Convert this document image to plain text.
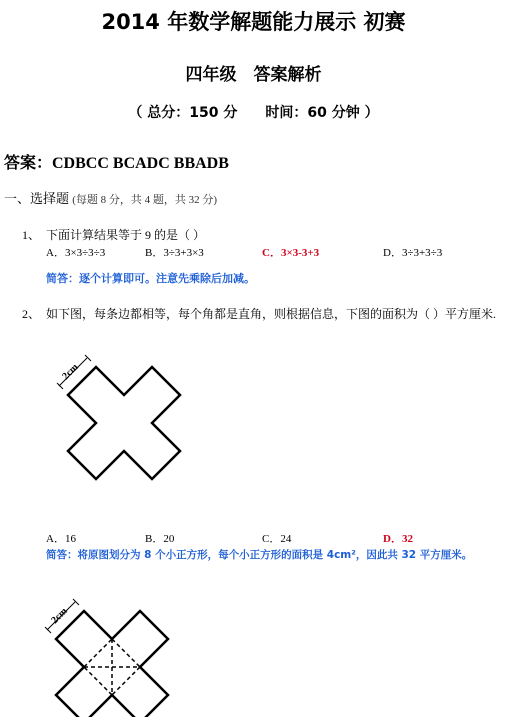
2014 年数学解题能力展示 初赛
四年级　答案解析
（ 总分：150 分　　时间：60 分钟 ）
答案：CDBCC BCADC BBADB
一、选择题 (每题 8 分，共 4 题，共 32 分)
1、 下面计算结果等于 9 的是（ ）
A．3×3÷3÷3	B．3÷3+3×3	C．3×3-3+3	D．3÷3+3÷3
简答：逐个计算即可。注意先乘除后加减。
2、 如下图，每条边都相等，每个角都是直角，则根据信息，下图的面积为（ ）平方厘米.
2cm
2cm
A．16	B．20	C．24	D．32
简答：将原图划分为 8 个小正方形，每个小正方形的面积是 4cm²，因此共 32 平方厘米。
